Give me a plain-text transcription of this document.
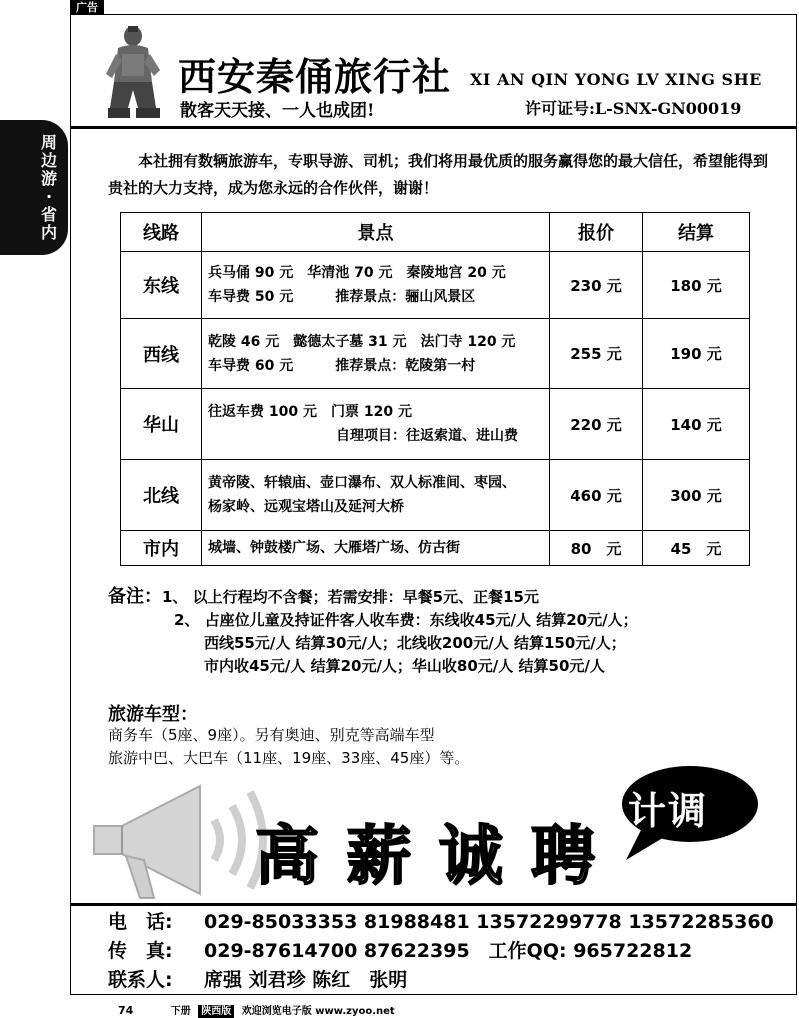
广告
周边游·省内
西安秦俑旅行社 XI AN QIN YONG LV XING SHE
散客天天接、一人也成团!	许可证号:L-SNX-GN00019
本社拥有数辆旅游车，专职导游、司机；我们将用最优质的服务赢得您的最大信任，希望能得到贵社的大力支持，成为您永远的合作伙伴，谢谢！
线路	景点	报价	结算
东线	兵马俑 90 元　华清池 70 元　秦陵地宫 20 元
车导费 50 元　　　推荐景点：骊山风景区	230 元	180 元
西线	乾陵 46 元　懿德太子墓 31 元　法门寺 120 元
车导费 60 元　　　推荐景点：乾陵第一村	255 元	190 元
华山	往返车费 100 元　门票 120 元
自理项目：往返索道、进山费	220 元	140 元
北线	黄帝陵、轩辕庙、壶口瀑布、双人标准间、枣园、
杨家岭、远观宝塔山及延河大桥	460 元	300 元
市内	城墙、钟鼓楼广场、大雁塔广场、仿古街	80　元	45　元
备注：1、 以上行程均不含餐；若需安排：早餐5元、正餐15元
2、 占座位儿童及持证件客人收车费：东线收45元/人 结算20元/人；
西线55元/人 结算30元/人；北线收200元/人 结算150元/人；
市内收45元/人 结算20元/人；华山收80元/人 结算50元/人
旅游车型：
商务车（5座、9座）。另有奥迪、别克等高端车型
旅游中巴、大巴车（11座、19座、33座、45座）等。
高薪诚聘
计调
电　话: 029-85033353 81988481 13572299778 13572285360
传　真: 029-87614700 87622395　工作QQ: 965722812
联系人: 席强 刘君珍 陈红　张明
74	下册 陕西版 欢迎浏览电子版 www.zyoo.net
